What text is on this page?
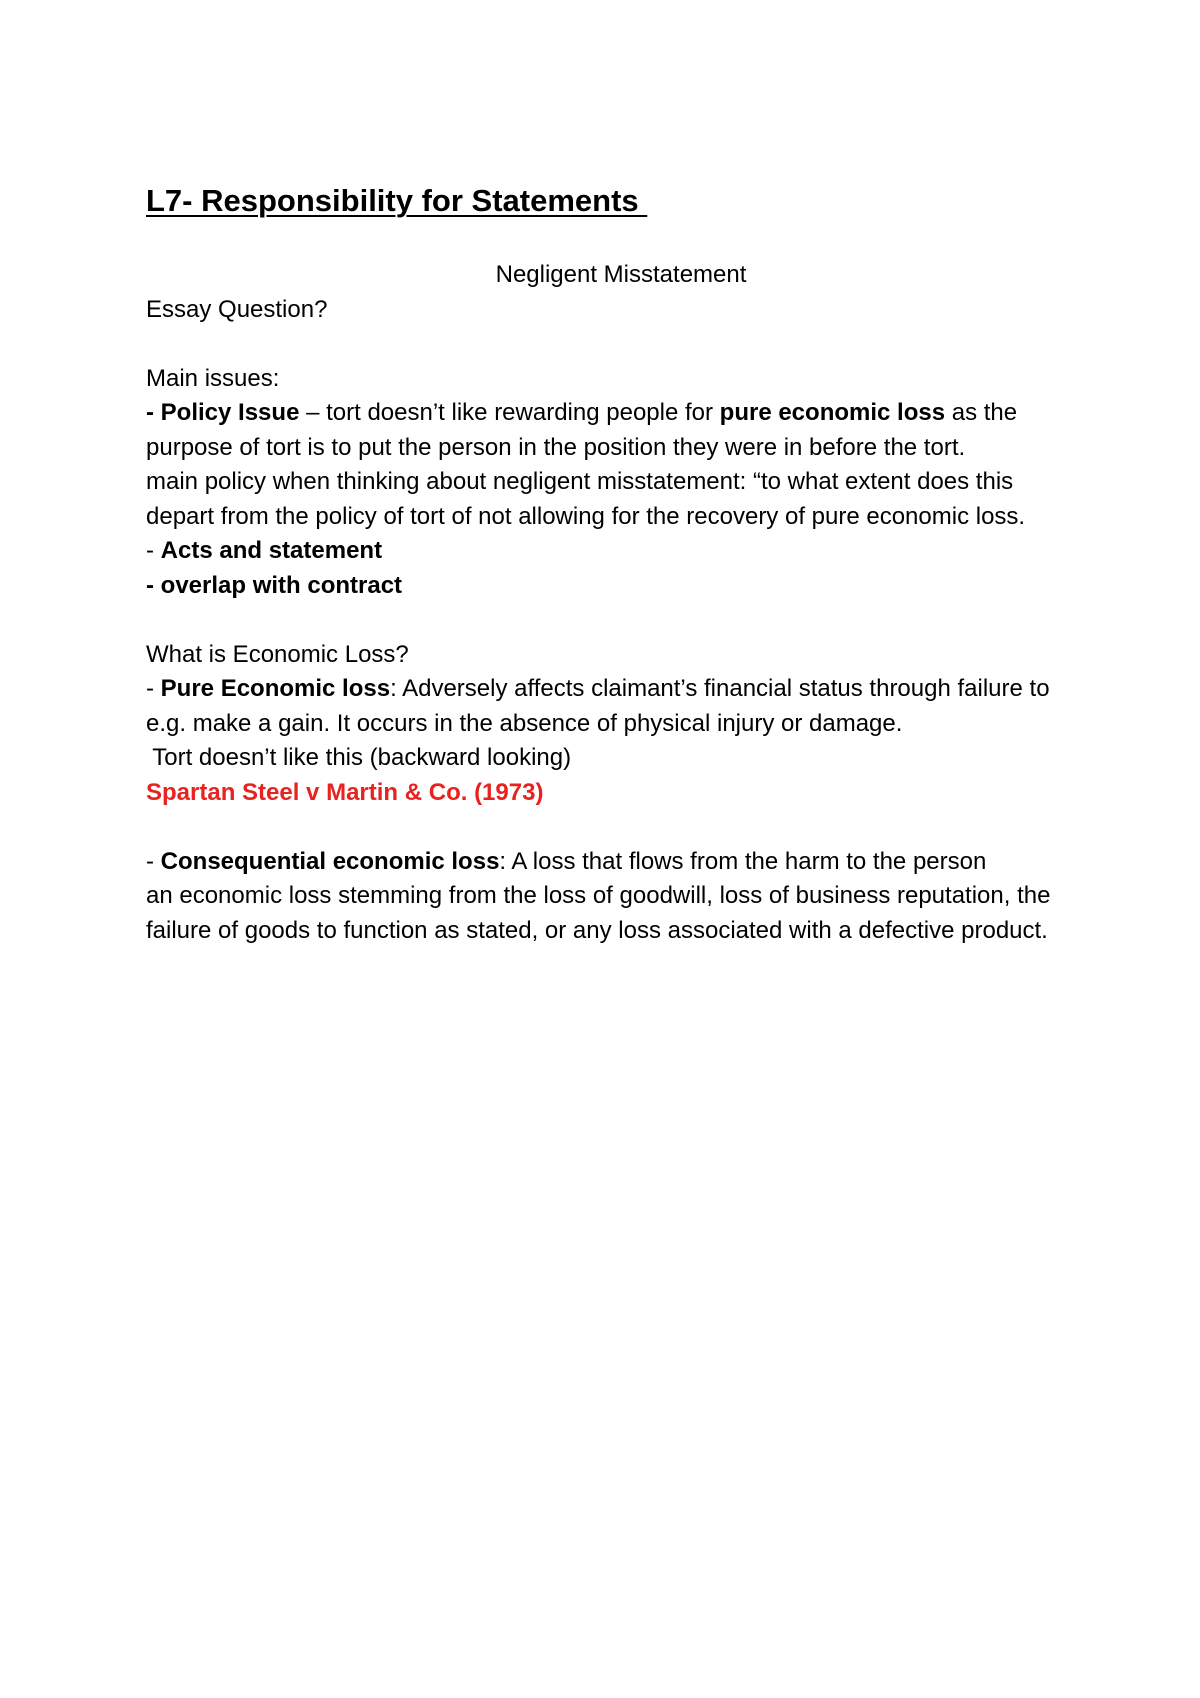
L7- Responsibility for Statements
Negligent Misstatement
Essay Question?
Main issues:
- Policy Issue – tort doesn’t like rewarding people for pure economic loss as the purpose of tort is to put the person in the position they were in before the tort.
main policy when thinking about negligent misstatement: “to what extent does this depart from the policy of tort of not allowing for the recovery of pure economic loss.
- Acts and statement
- overlap with contract
What is Economic Loss?
- Pure Economic loss: Adversely affects claimant’s financial status through failure to e.g. make a gain. It occurs in the absence of physical injury or damage.
Tort doesn’t like this (backward looking)
Spartan Steel v Martin & Co. (1973)
- Consequential economic loss: A loss that flows from the harm to the person
an economic loss stemming from the loss of goodwill, loss of business reputation, the failure of goods to function as stated, or any loss associated with a defective product.
